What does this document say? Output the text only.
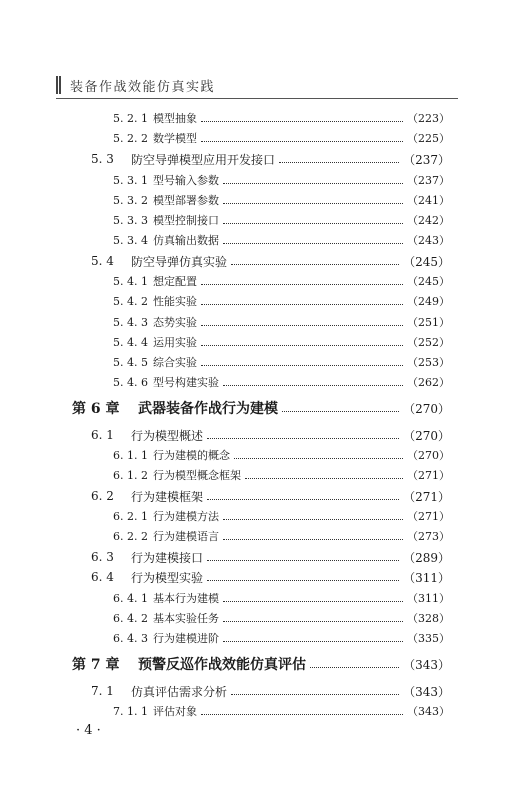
装备作战效能仿真实践
5. 2. 1 模型抽象	（223）
5. 2. 2 数学模型	（225）
5. 3	防空导弹模型应用开发接口	（237）
5. 3. 1 型号输入参数	（237）
5. 3. 2 模型部署参数	（241）
5. 3. 3 模型控制接口	（242）
5. 3. 4 仿真输出数据	（243）
5. 4	防空导弹仿真实验	（245）
5. 4. 1 想定配置	（245）
5. 4. 2 性能实验	（249）
5. 4. 3 态势实验	（251）
5. 4. 4 运用实验	（252）
5. 4. 5 综合实验	（253）
5. 4. 6 型号构建实验	（262）
第 6 章	武器装备作战行为建模	（270）
6. 1	行为模型概述	（270）
6. 1. 1 行为建模的概念	（270）
6. 1. 2 行为模型概念框架	（271）
6. 2	行为建模框架	（271）
6. 2. 1 行为建模方法	（271）
6. 2. 2 行为建模语言	（273）
6. 3	行为建模接口	（289）
6. 4	行为模型实验	（311）
6. 4. 1 基本行为建模	（311）
6. 4. 2 基本实验任务	（328）
6. 4. 3 行为建模进阶	（335）
第 7 章	预警反巡作战效能仿真评估	（343）
7. 1	仿真评估需求分析	（343）
7. 1. 1 评估对象	（343）
· 4 ·
